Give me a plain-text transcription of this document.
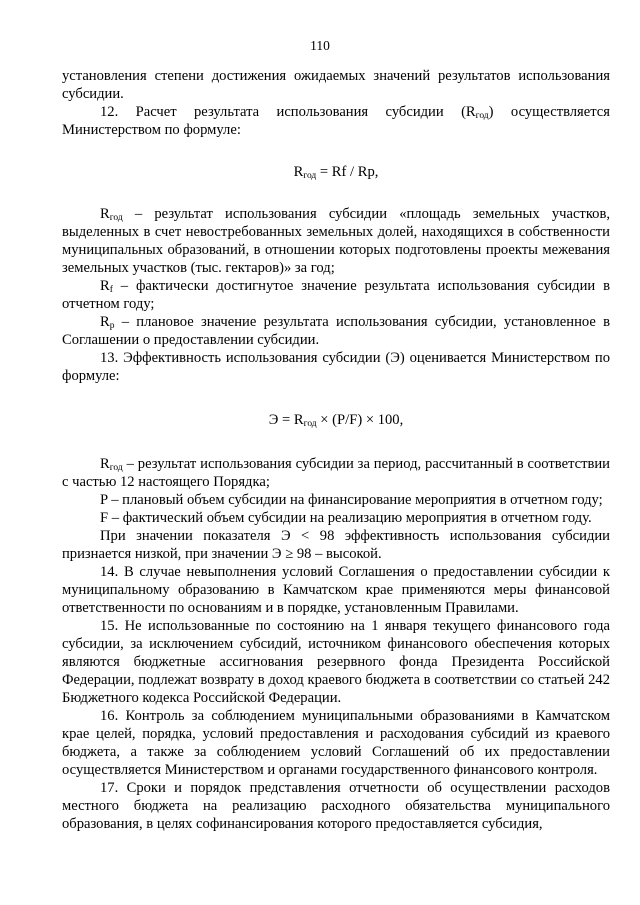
110

установления степени достижения ожидаемых значений результатов использования субсидии.

12. Расчет результата использования субсидии $(R_{год})$ осуществляется Министерством по формуле:

$R_{год} = Rf / Rp$,

$R_{год}$ – результат использования субсидии «площадь земельных участков, выделенных в счет невостребованных земельных долей, находящихся в собственности муниципальных образований, в отношении которых подготовлены проекты межевания земельных участков (тыс. гектаров)» за год;

$R_f$ – фактически достигнутое значение результата использования субсидии в отчетном году;

$R_p$ – плановое значение результата использования субсидии, установленное в Соглашении о предоставлении субсидии.

13. Эффективность использования субсидии (Э) оценивается Министерством по формуле:

$Э = R_{год} \times (P/F) \times 100$,

$R_{год}$ – результат использования субсидии за период, рассчитанный в соответствии с частью 12 настоящего Порядка;

P – плановый объем субсидии на финансирование мероприятия в отчетном году;

F – фактический объем субсидии на реализацию мероприятия в отчетном году.

При значении показателя Э < 98 эффективность использования субсидии признается низкой, при значении Э ≥ 98 – высокой.

14. В случае невыполнения условий Соглашения о предоставлении субсидии к муниципальному образованию в Камчатском крае применяются меры финансовой ответственности по основаниям и в порядке, установленным Правилами.

15. Не использованные по состоянию на 1 января текущего финансового года субсидии, за исключением субсидий, источником финансового обеспечения которых являются бюджетные ассигнования резервного фонда Президента Российской Федерации, подлежат возврату в доход краевого бюджета в соответствии со статьей 242 Бюджетного кодекса Российской Федерации.

16. Контроль за соблюдением муниципальными образованиями в Камчатском крае целей, порядка, условий предоставления и расходования субсидий из краевого бюджета, а также за соблюдением условий Соглашений об их предоставлении осуществляется Министерством и органами государственного финансового контроля.

17. Сроки и порядок представления отчетности об осуществлении расходов местного бюджета на реализацию расходного обязательства муниципального образования, в целях софинансирования которого предоставляется субсидия,
